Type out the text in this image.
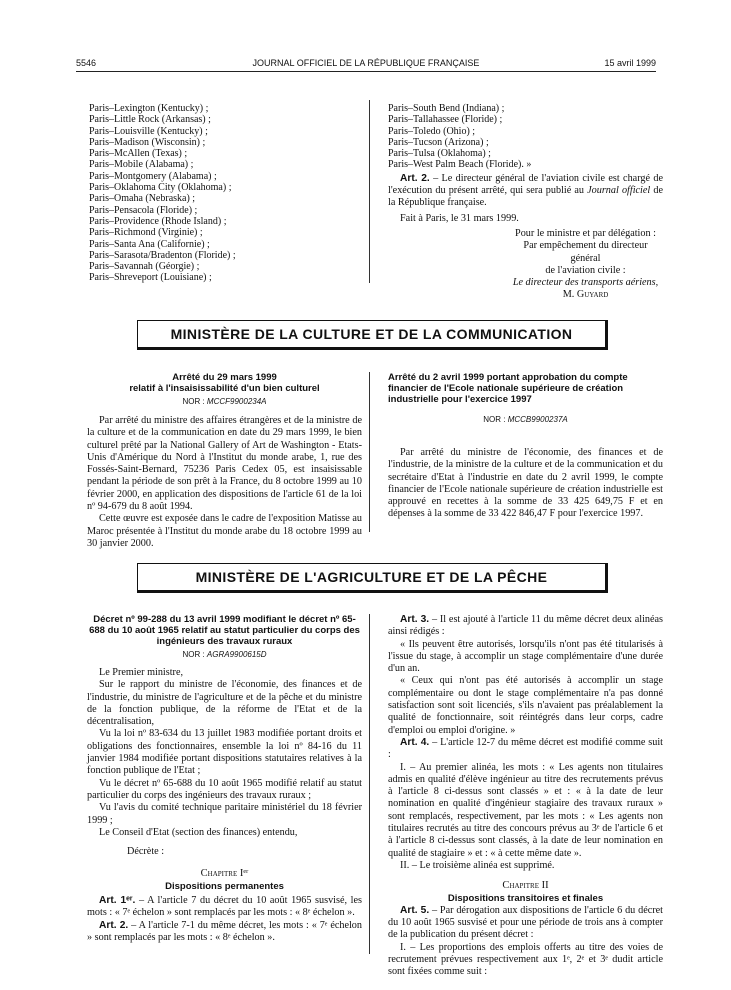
5546	JOURNAL OFFICIEL DE LA RÉPUBLIQUE FRANÇAISE	15 avril 1999
Paris–Lexington (Kentucky) ;
Paris–Little Rock (Arkansas) ;
Paris–Louisville (Kentucky) ;
Paris–Madison (Wisconsin) ;
Paris–McAllen (Texas) ;
Paris–Mobile (Alabama) ;
Paris–Montgomery (Alabama) ;
Paris–Oklahoma City (Oklahoma) ;
Paris–Omaha (Nebraska) ;
Paris–Pensacola (Floride) ;
Paris–Providence (Rhode Island) ;
Paris–Richmond (Virginie) ;
Paris–Santa Ana (Californie) ;
Paris–Sarasota/Bradenton (Floride) ;
Paris–Savannah (Géorgie) ;
Paris–Shreveport (Louisiane) ;
Paris–South Bend (Indiana) ;
Paris–Tallahassee (Floride) ;
Paris–Toledo (Ohio) ;
Paris–Tucson (Arizona) ;
Paris–Tulsa (Oklahoma) ;
Paris–West Palm Beach (Floride). »

Art. 2. – Le directeur général de l'aviation civile est chargé de l'exécution du présent arrêté, qui sera publié au Journal officiel de la République française.

Fait à Paris, le 31 mars 1999.

Pour le ministre et par délégation :

Par empêchement du directeur général

de l'aviation civile :

Le directeur des transports aériens,

M. Guyard

MINISTÈRE DE LA CULTURE ET DE LA COMMUNICATION
Arrêté du 29 mars 1999
relatif à l'insaisissabilité d'un bien culturel
NOR : MCCF9900234A

Par arrêté du ministre des affaires étrangères et de la ministre de la culture et de la communication en date du 29 mars 1999, le bien culturel prêté par la National Gallery of Art de Washington - Etats-Unis d'Amérique du Nord à l'Institut du monde arabe, 1, rue des Fossés-Saint-Bernard, 75236 Paris Cedex 05, est insaisissable pendant la période de son prêt à la France, du 8 octobre 1999 au 10 février 2000, en application des dispositions de l'article 61 de la loi nº 94-679 du 8 août 1994.

Cette œuvre est exposée dans le cadre de l'exposition Matisse au Maroc présentée à l'Institut du monde arabe du 18 octobre 1999 au 30 janvier 2000.

Arrêté du 2 avril 1999 portant approbation du compte financier de l'Ecole nationale supérieure de création industrielle pour l'exercice 1997
NOR : MCCB9900237A

Par arrêté du ministre de l'économie, des finances et de l'industrie, de la ministre de la culture et de la communication et du secrétaire d'Etat à l'industrie en date du 2 avril 1999, le compte financier de l'Ecole nationale supérieure de création industrielle est approuvé en recettes à la somme de 33 425 649,75 F et en dépenses à la somme de 33 422 846,47 F pour l'exercice 1997.

MINISTÈRE DE L'AGRICULTURE ET DE LA PÊCHE
Décret nº 99-288 du 13 avril 1999 modifiant le décret nº 65-688 du 10 août 1965 relatif au statut particulier du corps des ingénieurs des travaux ruraux
NOR : AGRA9900615D

Le Premier ministre,

Sur le rapport du ministre de l'économie, des finances et de l'industrie, du ministre de l'agriculture et de la pêche et du ministre de la fonction publique, de la réforme de l'Etat et de la décentralisation,

Vu la loi nº 83-634 du 13 juillet 1983 modifiée portant droits et obligations des fonctionnaires, ensemble la loi nº 84-16 du 11 janvier 1984 modifiée portant dispositions statutaires relatives à la fonction publique de l'Etat ;

Vu le décret nº 65-688 du 10 août 1965 modifié relatif au statut particulier du corps des ingénieurs des travaux ruraux ;

Vu l'avis du comité technique paritaire ministériel du 18 février 1999 ;

Le Conseil d'Etat (section des finances) entendu,

Décrète :

Chapitre Iᵉʳ

Dispositions permanentes

Art. 1ᵉʳ. – A l'article 7 du décret du 10 août 1965 susvisé, les mots : « 7ᵉ échelon » sont remplacés par les mots : « 8ᵉ échelon ».

Art. 2. – A l'article 7-1 du même décret, les mots : « 7ᵉ échelon » sont remplacés par les mots : « 8ᵉ échelon ».

Art. 3. – Il est ajouté à l'article 11 du même décret deux alinéas ainsi rédigés :

« Ils peuvent être autorisés, lorsqu'ils n'ont pas été titularisés à l'issue du stage, à accomplir un stage complémentaire d'une durée d'un an.

« Ceux qui n'ont pas été autorisés à accomplir un stage complémentaire ou dont le stage complémentaire n'a pas donné satisfaction sont soit licenciés, s'ils n'avaient pas préalablement la qualité de fonctionnaire, soit réintégrés dans leur corps, cadre d'emploi ou emploi d'origine. »

Art. 4. – L'article 12-7 du même décret est modifié comme suit :

I. – Au premier alinéa, les mots : « Les agents non titulaires admis en qualité d'élève ingénieur au titre des recrutements prévus à l'article 8 ci-dessus sont classés » et : « à la date de leur nomination en qualité d'ingénieur stagiaire des travaux ruraux » sont remplacés, respectivement, par les mots : « Les agents non titulaires recrutés au titre des concours prévus au 3ᵉ de l'article 6 et à l'article 8 ci-dessus sont classés, à la date de leur nomination en qualité de stagiaire » et : « à cette même date ».

II. – Le troisième alinéa est supprimé.

Chapitre II

Dispositions transitoires et finales

Art. 5. – Par dérogation aux dispositions de l'article 6 du décret du 10 août 1965 susvisé et pour une période de trois ans à compter de la publication du présent décret :

I. – Les proportions des emplois offerts au titre des voies de recrutement prévues respectivement aux 1ᵉ, 2ᵉ et 3ᵉ dudit article sont fixées comme suit :
